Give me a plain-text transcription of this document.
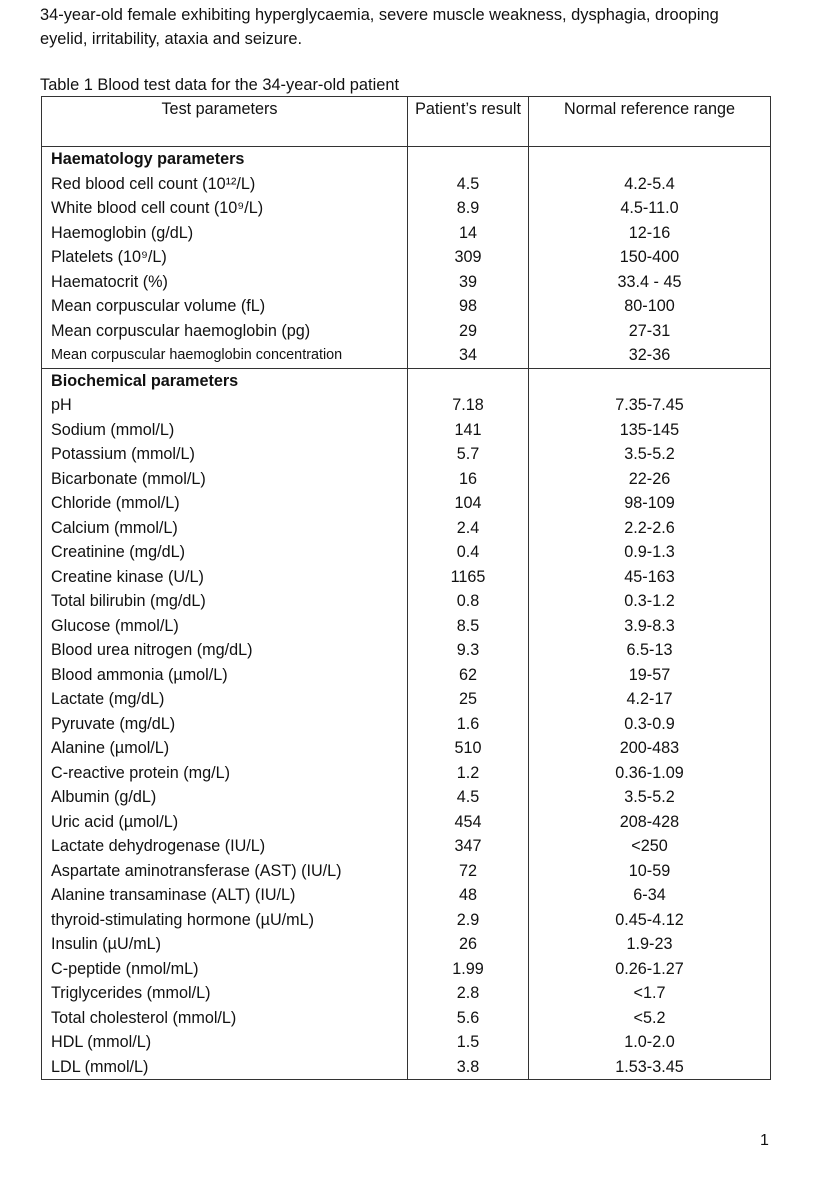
34-year-old female exhibiting hyperglycaemia, severe muscle weakness, dysphagia, drooping eyelid, irritability, ataxia and seizure.
Table 1 Blood test data for the 34-year-old patient
Test parameters	Patient’s result	Normal reference range
Haematology parameters		
Red blood cell count (10¹²/L)	4.5	4.2-5.4
White blood cell count (10⁹/L)	8.9	4.5-11.0
Haemoglobin (g/dL)	14	12-16
Platelets (10⁹/L)	309	150-400
Haematocrit (%)	39	33.4 - 45
Mean corpuscular volume (fL)	98	80-100
Mean corpuscular haemoglobin (pg)	29	27-31
Mean corpuscular haemoglobin concentration	34	32-36
Biochemical parameters		
pH	7.18	7.35-7.45
Sodium (mmol/L)	141	135-145
Potassium (mmol/L)	5.7	3.5-5.2
Bicarbonate (mmol/L)	16	22-26
Chloride (mmol/L)	104	98-109
Calcium (mmol/L)	2.4	2.2-2.6
Creatinine (mg/dL)	0.4	0.9-1.3
Creatine kinase (U/L)	1165	45-163
Total bilirubin (mg/dL)	0.8	0.3-1.2
Glucose (mmol/L)	8.5	3.9-8.3
Blood urea nitrogen (mg/dL)	9.3	6.5-13
Blood ammonia (µmol/L)	62	19-57
Lactate (mg/dL)	25	4.2-17
Pyruvate (mg/dL)	1.6	0.3-0.9
Alanine (µmol/L)	510	200-483
C-reactive protein (mg/L)	1.2	0.36-1.09
Albumin (g/dL)	4.5	3.5-5.2
Uric acid (µmol/L)	454	208-428
Lactate dehydrogenase (IU/L)	347	<250
Aspartate aminotransferase (AST) (IU/L)	72	10-59
Alanine transaminase (ALT) (IU/L)	48	6-34
thyroid-stimulating hormone (µU/mL)	2.9	0.45-4.12
Insulin (µU/mL)	26	1.9-23
C-peptide (nmol/mL)	1.99	0.26-1.27
Triglycerides (mmol/L)	2.8	<1.7
Total cholesterol (mmol/L)	5.6	<5.2
HDL (mmol/L)	1.5	1.0-2.0
LDL (mmol/L)	3.8	1.53-3.45
1
